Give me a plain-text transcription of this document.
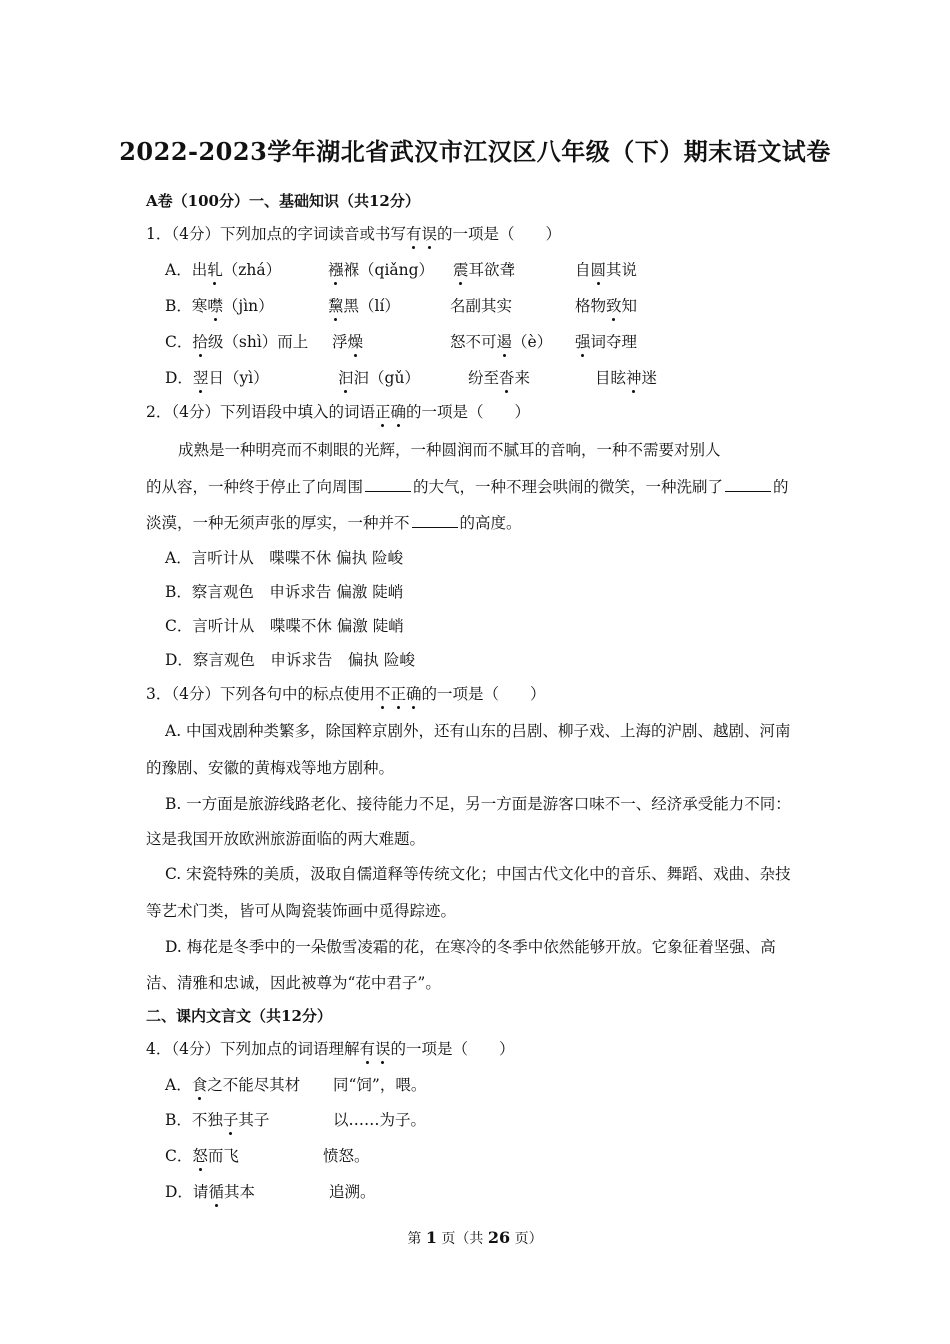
2022-2023学年湖北省武汉市江汉区八年级（下）期末语文试卷
A卷（100分）一、基础知识（共12分）
1．（4分）下列加点的字词读音或书写有误的一项是（　　）
A．出轧（zhá）	襁褓（qiǎng） 震耳欲聋	自圆其说
B．寒噤（jìn）	黧黑（lí）	名副其实	格物致知
C．拾级（shì）而上 浮燥	怒不可遏（è） 强词夺理
D．翌日（yì）	汩汩（gǔ）	纷至沓来	目眩神迷
2．（4分）下列语段中填入的词语正确的一项是（　　）
成熟是一种明亮而不刺眼的光辉，一种圆润而不腻耳的音响，一种不需要对别人
的从容，一种终于停止了向周围	的大气，一种不理会哄闹的微笑，一种洗刷了	的
淡漠，一种无须声张的厚实，一种并不	的高度。
A．言听计从　喋喋不休 偏执 险峻
B．察言观色　申诉求告 偏激 陡峭
C．言听计从　喋喋不休 偏激 陡峭
D．察言观色　申诉求告　偏执 险峻
3．（4分）下列各句中的标点使用不正确的一项是（　　）
A. 中国戏剧种类繁多，除国粹京剧外，还有山东的吕剧、柳子戏、上海的沪剧、越剧、河南
的豫剧、安徽的黄梅戏等地方剧种。
B. 一方面是旅游线路老化、接待能力不足，另一方面是游客口味不一、经济承受能力不同：
这是我国开放欧洲旅游面临的两大难题。
C. 宋瓷特殊的美质，汲取自儒道释等传统文化；中国古代文化中的音乐、舞蹈、戏曲、杂技
等艺术门类，皆可从陶瓷装饰画中觅得踪迹。
D. 梅花是冬季中的一朵傲雪凌霜的花，在寒冷的冬季中依然能够开放。它象征着坚强、高
洁、清雅和忠诚，因此被尊为“花中君子”。
二、课内文言文（共12分）
4．（4分）下列加点的词语理解有误的一项是（　　）
A．食之不能尽其材 同“饲”，喂。
B．不独子其子	以……为子。
C．怒而飞	愤怒。
D．请循其本	追溯。
第 1 页（共 26 页）
